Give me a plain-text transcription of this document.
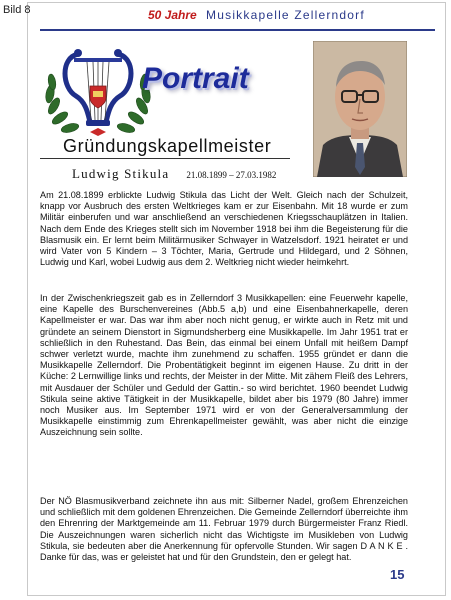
Bild 8	50 Jahre Musikkapelle Zellerndorf
Portrait
Gründungskapellmeister
Ludwig Stikula 21.08.1899 – 27.03.1982

Am 21.08.1899 erblickte Ludwig Stikula das Licht der Welt. Gleich nach der Schulzeit, knapp vor Ausbruch des ersten Weltkrieges kam er zur Eisenbahn. Mit 18 wurde er zum Militär einberufen und war anschließend an verschiedenen Kriegsschauplätzen in Italien. Nach dem Ende des Krieges stellt sich im November 1918 bei ihm die Begeisterung für die Blasmusik ein. Er lernt beim Militärmusiker Schwayer in Watzelsdorf. 1921 heiratet er und wird Vater von 5 Kindern – 3 Töchter, Maria, Gertrude und Hildegard, und 2 Söhnen, Ludwig und Karl, wobei Ludwig aus dem 2. Weltkrieg nicht wieder heimkehrt.

In der Zwischenkriegszeit gab es in Zellerndorf 3 Musikkapellen: eine Feuerwehr kapelle, eine Kapelle des Burschenvereines (Abb.5 a,b) und eine Eisenbahnerkapelle, deren Kapellmeister er war. Das war ihm aber noch nicht genug, er wirkte auch in Retz mit und gründete an seinem Dienstort in Sigmundsherberg eine Musikkapelle. Im Jahr 1951 trat er schließlich in den Ruhestand. Das Bein, das einmal bei einem Unfall mit heißem Dampf schwer verletzt wurde, machte ihm zunehmend zu schaffen. 1955 gründet er dann die Musikkapelle Zellerndorf. Die Probentätigkeit beginnt im eigenen Hause. Zu dritt in der Küche: 2 Lernwillige links und rechts, der Meister in der Mitte. Mit zähem Fleiß des Lehrers, mit Ausdauer der Schüler und Geduld der Gattin.- so wird berichtet. 1960 beendet Ludwig Stikula seine aktive Tätigkeit in der Musikkapelle, bildet aber bis 1979 (80 Jahre) immer noch Musiker aus. Im September 1971 wird er von der Generalversammlung der Musikkapelle einstimmig zum Ehrenkapellmeister gewählt, was aber nicht die einzige Auszeichnung sein sollte.

Der NÖ Blasmusikverband zeichnete ihn aus mit: Silberner Nadel, großem Ehrenzeichen und schließlich mit dem goldenen Ehrenzeichen. Die Gemeinde Zellerndorf überreichte ihm den Ehrenring der Marktgemeinde am 11. Februar 1979 durch Bürgermeister Franz Riedl. Die Auszeichnungen waren sicherlich nicht das Wichtigste im Musikleben von Ludwig Stikula, sie bedeuten aber die Anerkennung für opfervolle Stunden. Wir sagen D A N K E . Danke für das, was er geleistet hat und für den Grundstein, den er gelegt hat.

15
